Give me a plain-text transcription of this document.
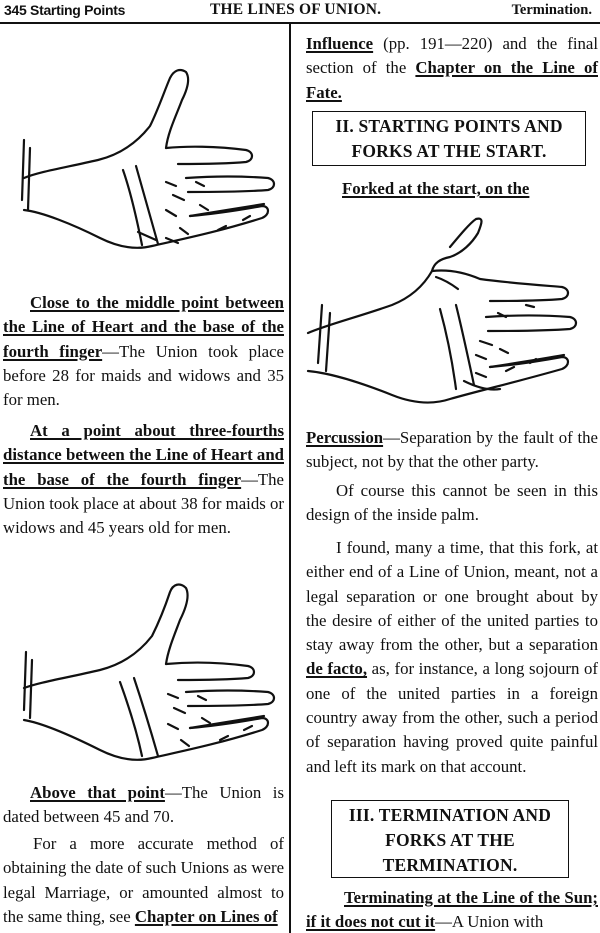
345 Starting Points	THE LINES OF UNION.	Termination.

Close to the middle point between the Line of Heart and the base of the fourth finger—The Union took place before 28 for maids and widows and 35 for men.

At a point about three-fourths distance between the Line of Heart and the base of the fourth finger—The Union took place at about 38 for maids or widows and 45 years old for men.

Above that point—The Union is dated between 45 and 70.

For a more accurate method of obtaining the date of such Unions as were legal Marriage, or amounted almost to the same thing, see Chapter on Lines of

Influence (pp. 191—220) and the final section of the Chapter on the Line of Fate.

II. STARTING POINTS AND FORKS AT THE START.

Forked at the start, on the

Percussion—Separation by the fault of the subject, not by that the other party.

Of course this cannot be seen in this design of the inside palm.

I found, many a time, that this fork, at either end of a Line of Union, meant, not a legal separation or one brought about by the desire of either of the united parties to stay away from the other, but a separation de facto, as, for instance, a long sojourn of one of the united parties in a foreign country away from the other, such a period of separation having proved quite painful and left its mark on that account.

III. TERMINATION AND FORKS AT THE TERMINATION.

Terminating at the Line of the Sun; if it does not cut it—A Union with
